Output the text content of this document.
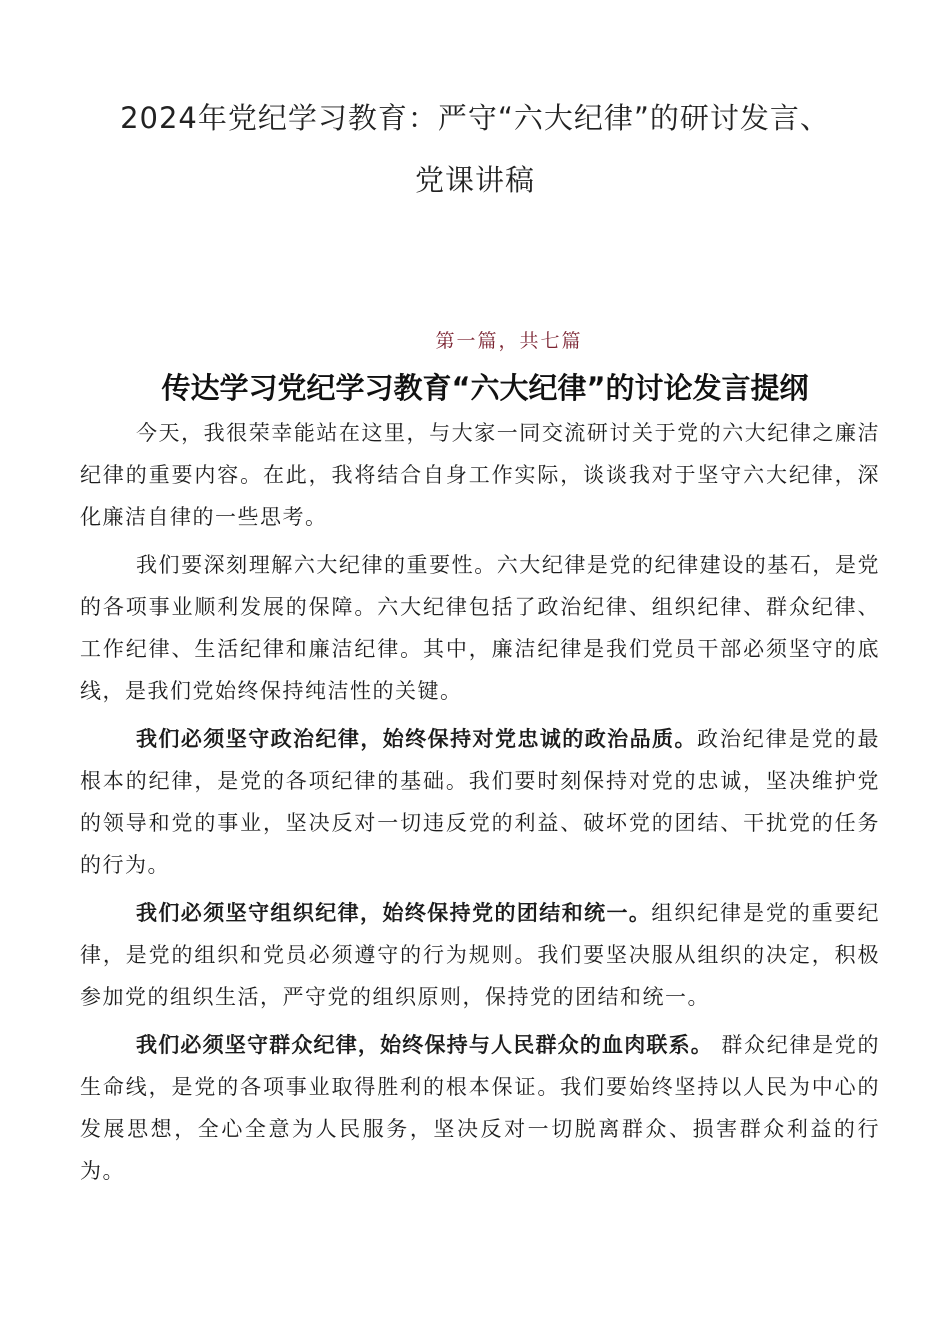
2024年党纪学习教育：严守“六大纪律”的研讨发言、
党课讲稿
第一篇，共七篇
传达学习党纪学习教育“六大纪律”的讨论发言提纲

今天，我很荣幸能站在这里，与大家一同交流研讨关于党的六大纪律之廉洁纪律的重要内容。在此，我将结合自身工作实际，谈谈我对于坚守六大纪律，深化廉洁自律的一些思考。

我们要深刻理解六大纪律的重要性。六大纪律是党的纪律建设的基石，是党的各项事业顺利发展的保障。六大纪律包括了政治纪律、组织纪律、群众纪律、工作纪律、生活纪律和廉洁纪律。其中，廉洁纪律是我们党员干部必须坚守的底线，是我们党始终保持纯洁性的关键。

我们必须坚守政治纪律，始终保持对党忠诚的政治品质。政治纪律是党的最根本的纪律，是党的各项纪律的基础。我们要时刻保持对党的忠诚，坚决维护党的领导和党的事业，坚决反对一切违反党的利益、破坏党的团结、干扰党的任务的行为。

我们必须坚守组织纪律，始终保持党的团结和统一。组织纪律是党的重要纪律，是党的组织和党员必须遵守的行为规则。我们要坚决服从组织的决定，积极参加党的组织生活，严守党的组织原则，保持党的团结和统一。

我们必须坚守群众纪律，始终保持与人民群众的血肉联系。 群众纪律是党的生命线，是党的各项事业取得胜利的根本保证。我们要始终坚持以人民为中心的发展思想，全心全意为人民服务，坚决反对一切脱离群众、损害群众利益的行为。
